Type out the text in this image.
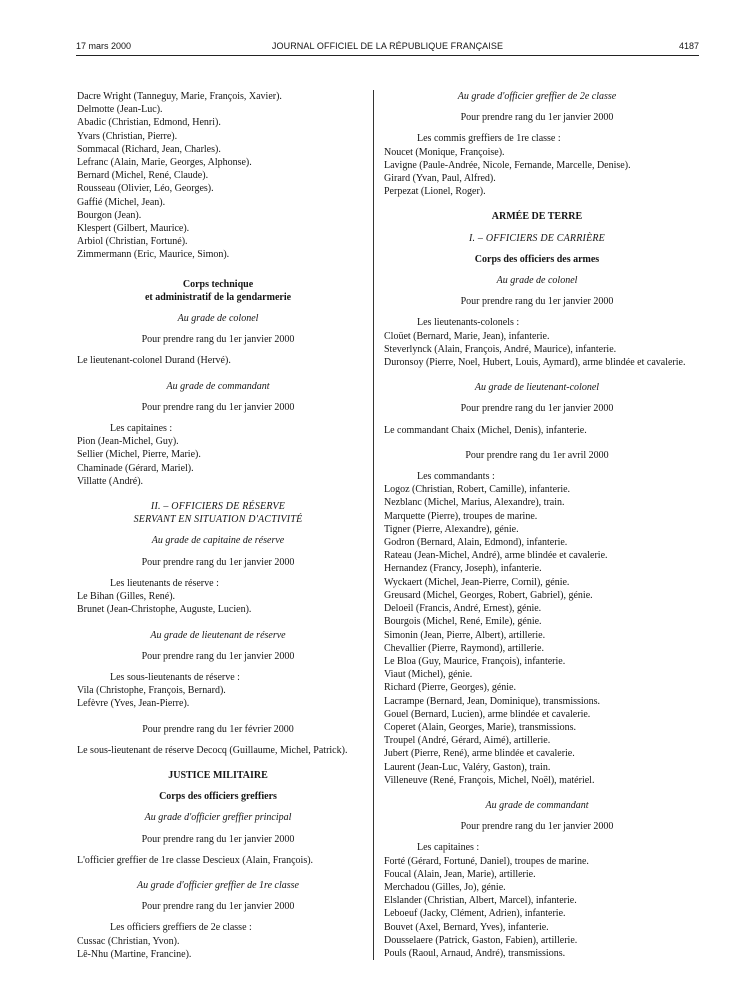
17 mars 2000	JOURNAL OFFICIEL DE LA RÉPUBLIQUE FRANÇAISE	4187
Dacre Wright (Tanneguy, Marie, François, Xavier).
Delmotte (Jean-Luc).
Abadic (Christian, Edmond, Henri).
Yvars (Christian, Pierre).
Sommacal (Richard, Jean, Charles).
Lefranc (Alain, Marie, Georges, Alphonse).
Bernard (Michel, René, Claude).
Rousseau (Olivier, Léo, Georges).
Gaffié (Michel, Jean).
Bourgon (Jean).
Klespert (Gilbert, Maurice).
Arbiol (Christian, Fortuné).
Zimmermann (Eric, Maurice, Simon).
Corps technique
et administratif de la gendarmerie
Au grade de colonel
Pour prendre rang du 1er janvier 2000
Le lieutenant-colonel Durand (Hervé).
Au grade de commandant
Pour prendre rang du 1er janvier 2000
Les capitaines :
Pion (Jean-Michel, Guy).
Sellier (Michel, Pierre, Marie).
Chaminade (Gérard, Mariel).
Villatte (André).
II. – OFFICIERS DE RÉSERVE
SERVANT EN SITUATION D'ACTIVITÉ
Au grade de capitaine de réserve
Pour prendre rang du 1er janvier 2000
Les lieutenants de réserve :
Le Bihan (Gilles, René).
Brunet (Jean-Christophe, Auguste, Lucien).
Au grade de lieutenant de réserve
Pour prendre rang du 1er janvier 2000
Les sous-lieutenants de réserve :
Vila (Christophe, François, Bernard).
Lefèvre (Yves, Jean-Pierre).
Pour prendre rang du 1er février 2000
Le sous-lieutenant de réserve Decocq (Guillaume, Michel, Patrick).
JUSTICE MILITAIRE
Corps des officiers greffiers
Au grade d'officier greffier principal
Pour prendre rang du 1er janvier 2000
L'officier greffier de 1re classe Descieux (Alain, François).
Au grade d'officier greffier de 1re classe
Pour prendre rang du 1er janvier 2000
Les officiers greffiers de 2e classe :
Cussac (Christian, Yvon).
Lê-Nhu (Martine, Francine).
Au grade d'officier greffier de 2e classe
Pour prendre rang du 1er janvier 2000
Les commis greffiers de 1re classe :
Noucet (Monique, Françoise).
Lavigne (Paule-Andrée, Nicole, Fernande, Marcelle, Denise).
Girard (Yvan, Paul, Alfred).
Perpezat (Lionel, Roger).
ARMÉE DE TERRE
I. – OFFICIERS DE CARRIÈRE
Corps des officiers des armes
Au grade de colonel
Pour prendre rang du 1er janvier 2000
Les lieutenants-colonels :
Cloüet (Bernard, Marie, Jean), infanterie.
Steverlynck (Alain, François, André, Maurice), infanterie.
Duronsoy (Pierre, Noel, Hubert, Louis, Aymard), arme blindée et cavalerie.
Au grade de lieutenant-colonel
Pour prendre rang du 1er janvier 2000
Le commandant Chaix (Michel, Denis), infanterie.
Pour prendre rang du 1er avril 2000
Les commandants :
Logoz (Christian, Robert, Camille), infanterie.
Nezblanc (Michel, Marius, Alexandre), train.
Marquette (Pierre), troupes de marine.
Tigner (Pierre, Alexandre), génie.
Godron (Bernard, Alain, Edmond), infanterie.
Rateau (Jean-Michel, André), arme blindée et cavalerie.
Hernandez (Francy, Joseph), infanterie.
Wyckaert (Michel, Jean-Pierre, Cornil), génie.
Greusard (Michel, Georges, Robert, Gabriel), génie.
Deloeil (Francis, André, Ernest), génie.
Bourgois (Michel, René, Emile), génie.
Simonin (Jean, Pierre, Albert), artillerie.
Chevallier (Pierre, Raymond), artillerie.
Le Bloa (Guy, Maurice, François), infanterie.
Viaut (Michel), génie.
Richard (Pierre, Georges), génie.
Lacrampe (Bernard, Jean, Dominique), transmissions.
Gouel (Bernard, Lucien), arme blindée et cavalerie.
Coperet (Alain, Georges, Marie), transmissions.
Troupel (André, Gérard, Aimé), artillerie.
Jubert (Pierre, René), arme blindée et cavalerie.
Laurent (Jean-Luc, Valéry, Gaston), train.
Villeneuve (René, François, Michel, Noël), matériel.
Au grade de commandant
Pour prendre rang du 1er janvier 2000
Les capitaines :
Forté (Gérard, Fortuné, Daniel), troupes de marine.
Foucal (Alain, Jean, Marie), artillerie.
Merchadou (Gilles, Jo), génie.
Elslander (Christian, Albert, Marcel), infanterie.
Leboeuf (Jacky, Clément, Adrien), infanterie.
Bouvet (Axel, Bernard, Yves), infanterie.
Dousselaere (Patrick, Gaston, Fabien), artillerie.
Pouls (Raoul, Arnaud, André), transmissions.
